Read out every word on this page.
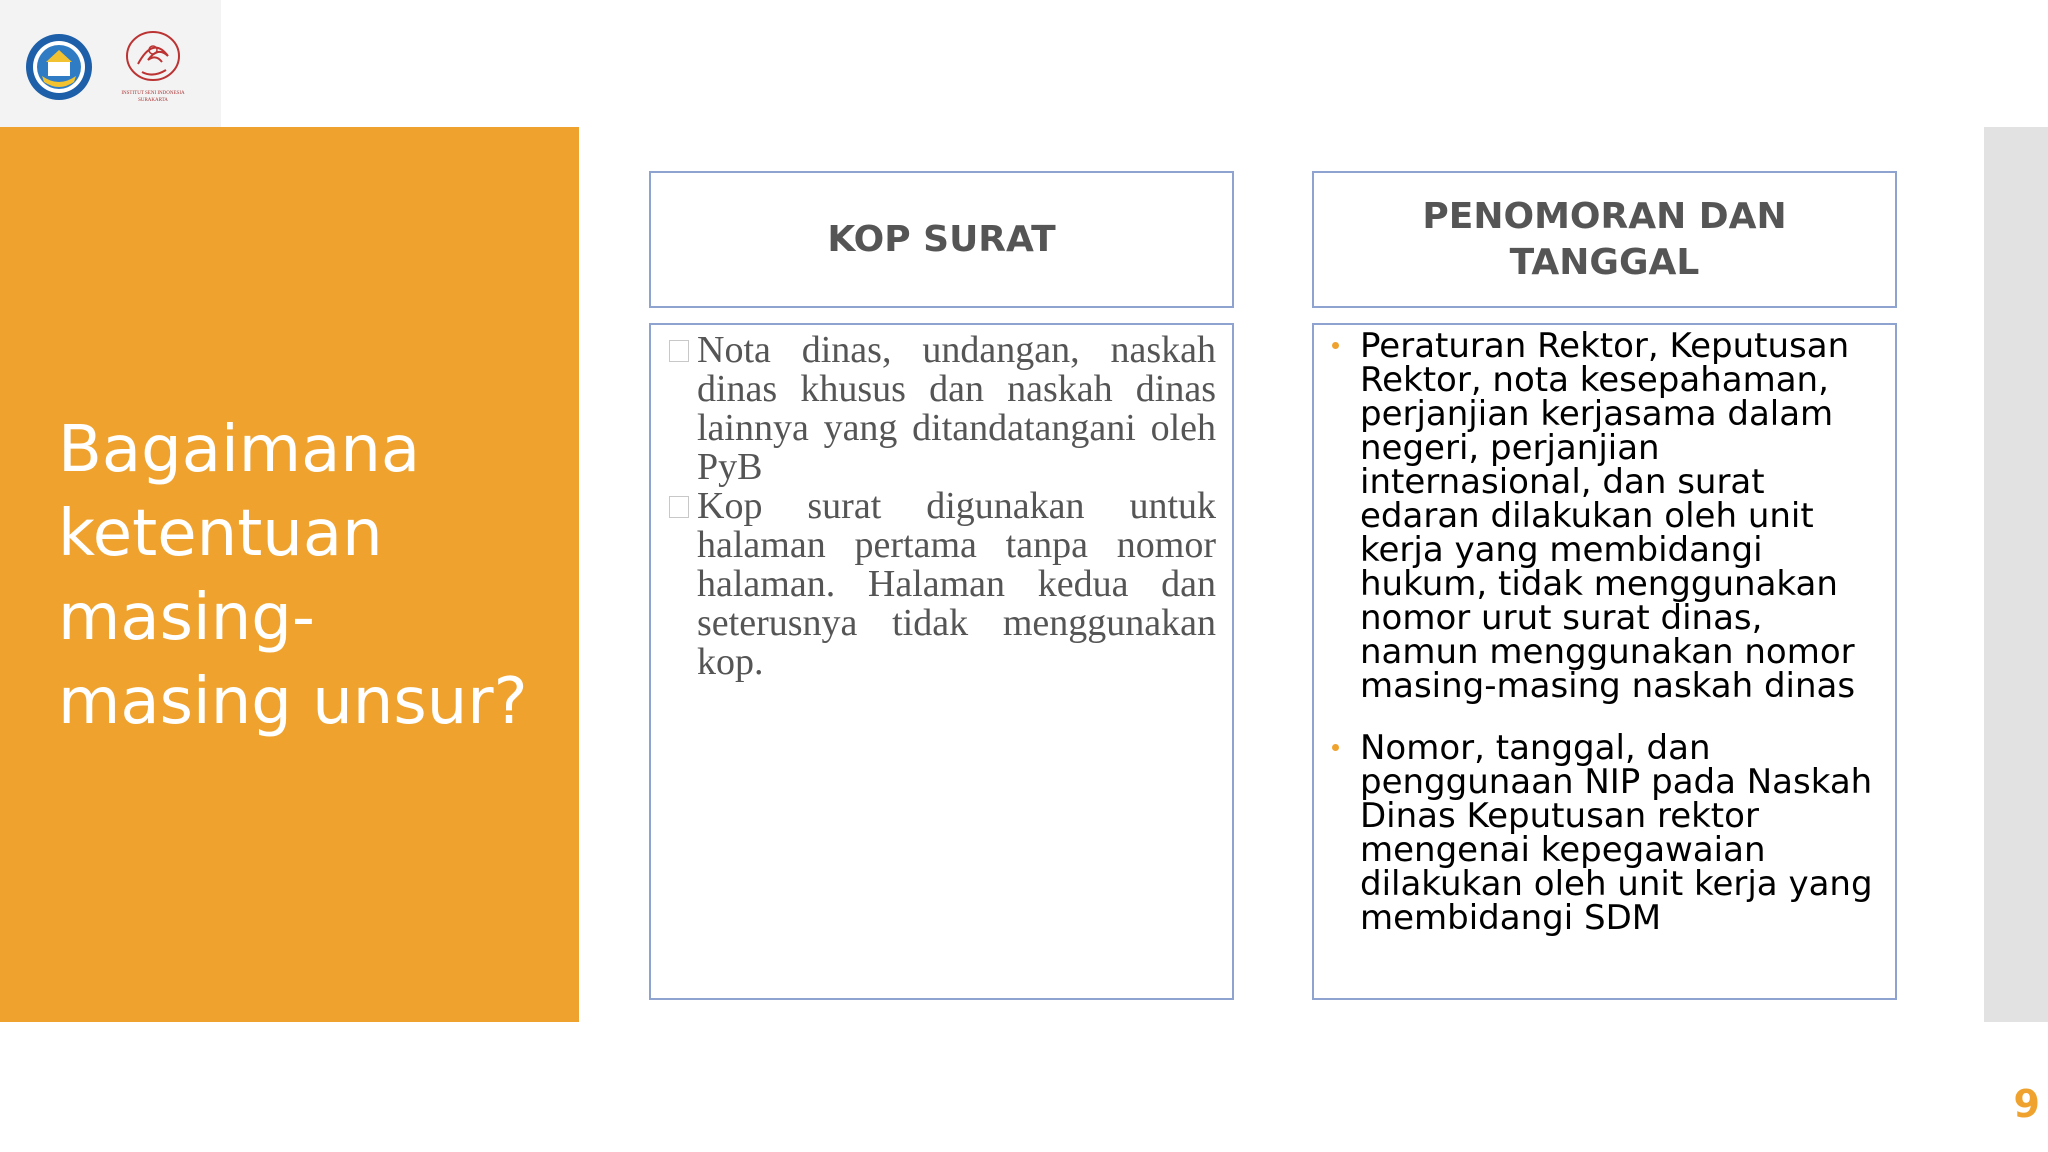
INSTITUT SENI INDONESIA
SURAKARTA
Bagaimana
ketentuan
masing-
masing unsur?
KOP SURAT
PENOMORAN DAN TANGGAL
Nota dinas, undangan, naskah dinas khusus dan naskah dinas lainnya yang ditandatangani oleh PyB
Kop surat digunakan untuk halaman pertama tanpa nomor halaman. Halaman kedua dan seterusnya tidak menggunakan kop.
Peraturan Rektor, Keputusan Rektor, nota kesepahaman, perjanjian kerjasama dalam negeri, perjanjian internasional, dan surat edaran dilakukan oleh unit kerja yang membidangi hukum, tidak menggunakan nomor urut surat dinas, namun menggunakan nomor masing-masing naskah dinas
Nomor, tanggal, dan penggunaan NIP pada Naskah Dinas Keputusan rektor mengenai kepegawaian dilakukan oleh unit kerja yang membidangi SDM
9
